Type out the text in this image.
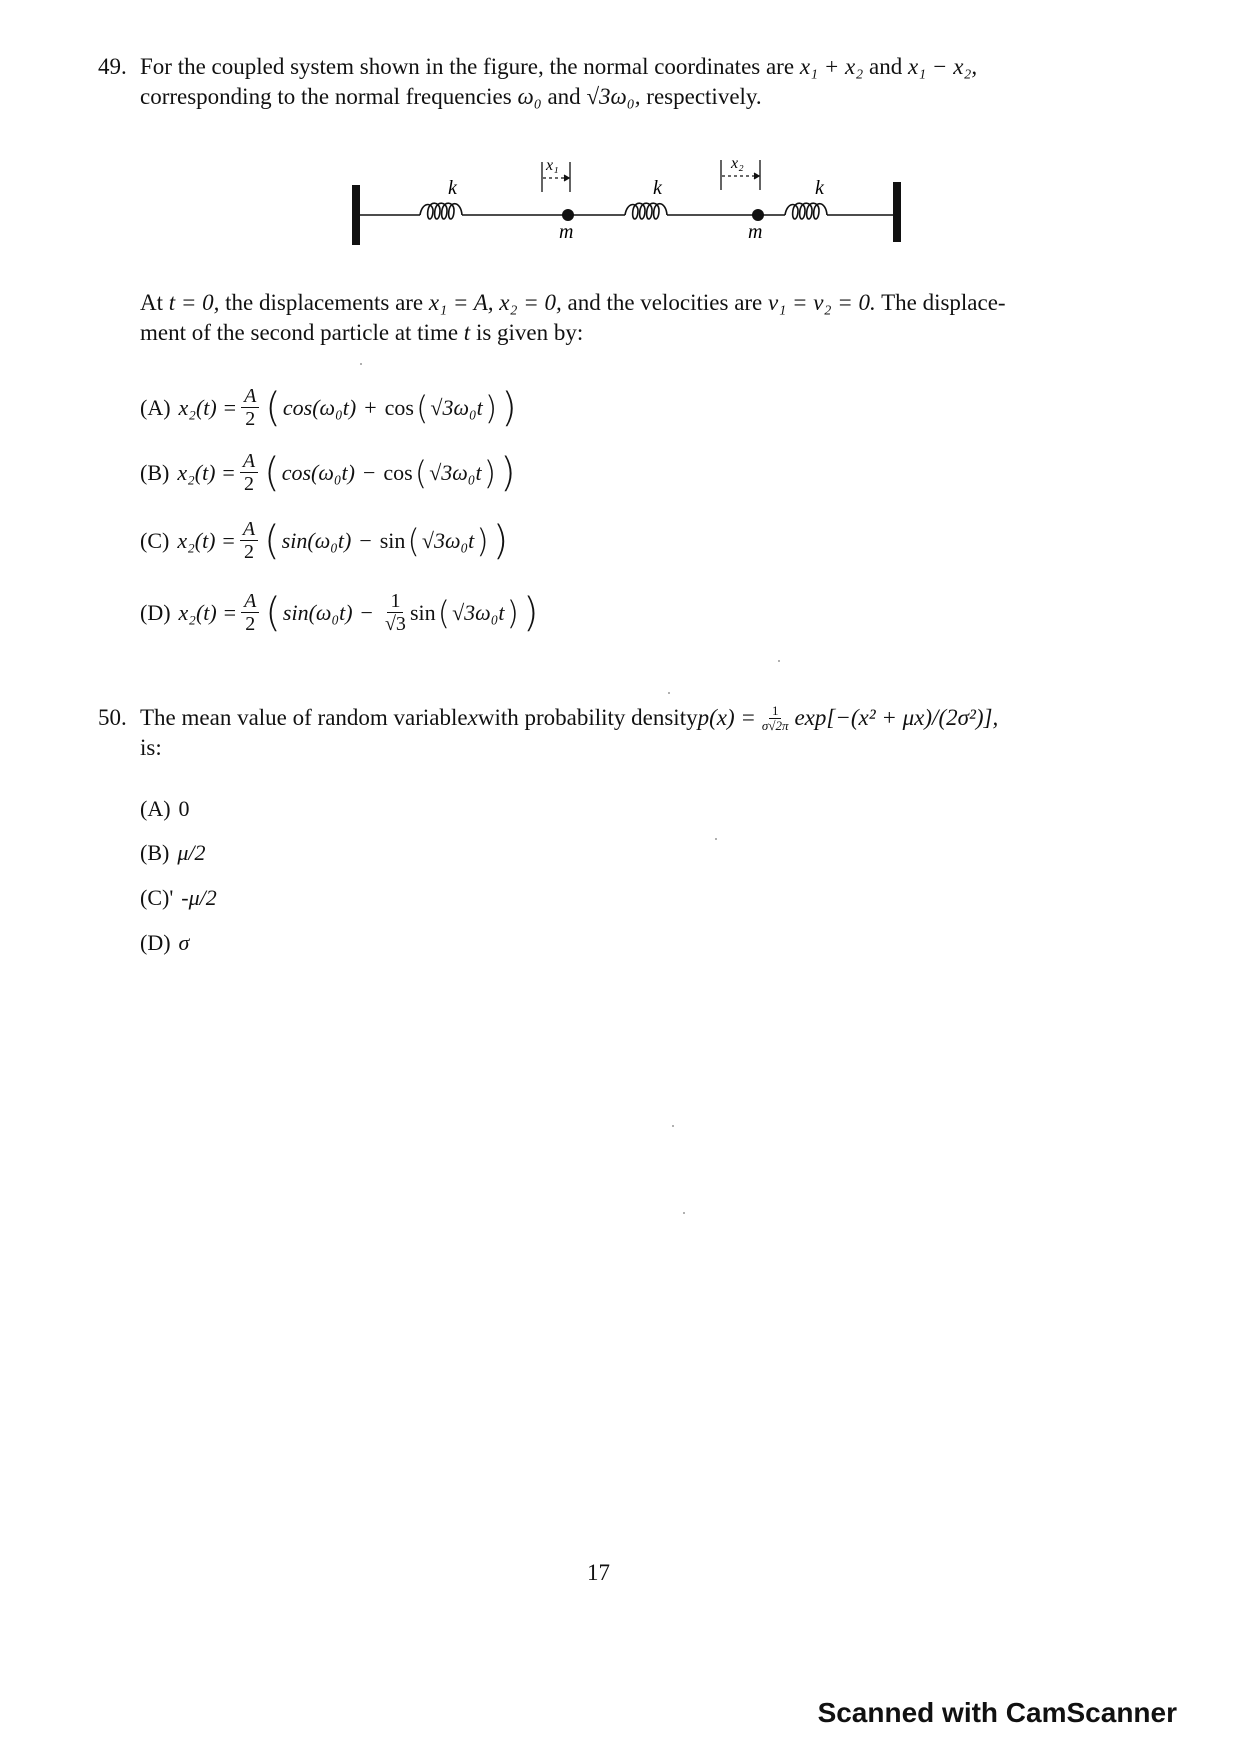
49. For the coupled system shown in the figure, the normal coordinates are x₁ + x₂ and x₁ − x₂,
corresponding to the normal frequencies ω₀ and √3ω₀, respectively.
k	k	k
m	m
x₁	x₂
At t = 0, the displacements are x₁ = A, x₂ = 0, and the velocities are v₁ = v₂ = 0. The displace-
ment of the second particle at time t is given by:
(A) $x_2(t) = \frac{A}{2}$ ( cos(ω₀t) + cos ( √3ω₀t ) )
(B) $x_2(t) = \frac{A}{2}$ ( cos(ω₀t) − cos ( √3ω₀t ) )
(C) $x_2(t) = \frac{A}{2}$ ( sin(ω₀t) − sin ( √3ω₀t ) )
(D) $x_2(t) = \frac{A}{2}$ ( $\sin(\omega_0t) - \frac{1}{√3}$ sin ( √3ω₀t ) )
50. The mean value of random variable x with probability density $p(x) = \frac{1}{\sigma√2\pi} \exp[-(x^2 + \mu x)/(2\sigma^2)]$,
is:
(A) 0
(B) μ/2
(C)' -μ/2
(D) σ
17
Scanned with CamScanner
